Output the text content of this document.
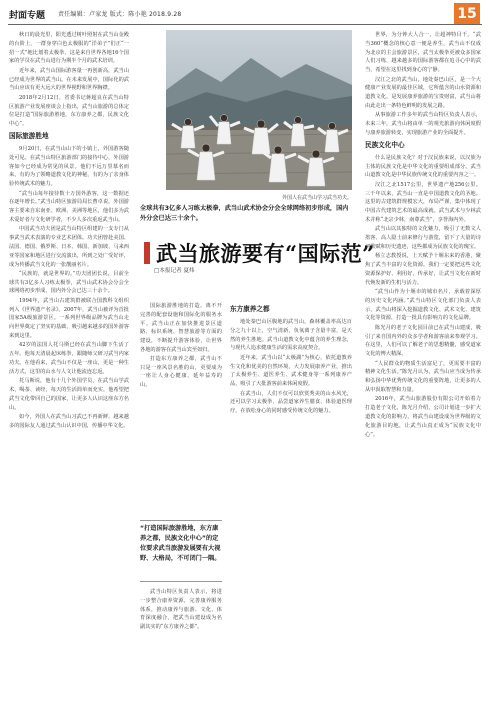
封面专题 责任编辑：卢家龙 版式：陈小艳 2018.9.28	15

秋日的晨光里，阳光透过树叶照射在武当山金殿的台阶上，一群身穿白色太极服的“洋弟子”们正“一招一式”地比划着太极拳，这是来自世界各地16个国家的学员在武当山进行为期半个月的武术培训。

近年来，武当山国际游客量一再创新高，武当山已经成为世界的武当山。在未来发展中，国际化的武当山应该有更大远大的世界视野和世界胸襟。

2018年2月12日，省委书记蒋超良在武当山特区旅游产业发展座谈会上指出，武当山旅游的总体定位是打造“国际旅游胜地，东方康养之都，民族文化中心”。

国际旅游胜地

9月20日，在武当山山下的小镇上，外国游客随处可见。在武当山特区旅游部门的接待中心，外国游客如今已经成为常见的风景。他们不远万里慕名而来，有的为了领略道教文化的神秘，有的为了亲身体验传统武术的魅力。

“武当山每年接待数十万国外游客，这一数据还在逐年增长。”武当山特区旅游局局长曹卓说，外国游客主要来自东南亚、欧洲、美洲等地区，他们多为武术爱好者与文化研学者，不少人多次重返武当山。

中国武当功夫团是武当山特区组建的一支专门从事武当武术表演的专业艺术团体。功夫团曾赴美国、法国、德国、俄罗斯、日本、韩国、新加坡、马来西亚等国家和地区进行交流演出，所到之处广受好评，成为传播武当文化的一张靓丽名片。

“民族的，就是世界的。”功夫团团长说，目前全球共有3亿多人习练太极拳，武当山武术协会分会全球网络初步形成，国内外分会已达三十余个。

1994年，武当山古建筑群被联合国教科文组织列入《世界遗产名录》。2007年，武当山被评为首批国家5A级旅游景区。一系列世界级品牌为武当山走向世界奠定了坚实的基础，吸引越来越多的国外游客来到这里。

42岁的法国人托马斯已经在武当山脚下生活了五年。他每天清晨起床练拳，跟随师父研习武当内家功夫。在他看来，武当山不仅是一座山，更是一种生活方式，这里的山水与人文让他流连忘返。

托马斯说，他有十几个外国学员，在武当山学武术、喝茶、读经，每天的生活简单而充实。他希望把武当文化带回自己的国家，让更多人认识这座东方名山。

如今，外国人在武当山习武已不再新鲜，越来越多的国际友人通过武当山认识中国，传播中华文化。

外国人在武当山学习武当功夫。
全球共有3亿多人习练太极拳，武当山武术协会分会全球网络初步形成，国内外分会已达三十余个。
武当旅游要有“国际范”
□本报记者 夏炜

国际旅游胜地的打造，离不开完善的配套设施和国际化的服务水平。武当山正在加快推进景区道路、标识系统、智慧旅游等方面的建设，不断提升游客体验，让世界各地的游客在武当山宾至如归。

打造东方康养之都，武当山不只是一座风景名胜的山，更要成为一座让人身心健康、延年益寿的山。

“打造国际旅游胜地，东方康养之都，民族文化中心”的定位要求武当旅游发展要有大视野、大格局，不可闭门一隅。

武当山特区负责人表示，将进一步整合康养资源，完善康养服务体系，推动康养与旅游、文化、体育深度融合，把武当山建设成为名副其实的“东方康养之都”。

东方康养之都

地处秦巴山区腹地的武当山，森林覆盖率高达百分之九十以上，空气清新，负氧离子含量丰富，是天然的养生胜地。武当山道教文化中蕴含的养生理念，与现代人追求健康生活的需求高度契合。

近年来，武当山以“太极湖”为核心，依托道教养生文化和优美的自然环境，大力发展康养产业，推出了太极养生、道医养生、武术健身等一系列康养产品，吸引了大批游客前来休闲度假。

在武当山，人们不仅可以欣赏秀美的山水风光，还可以学习太极拳、品尝道家养生膳食、体验道医理疗，在放松身心的同时感受传统文化的魅力。

世界，为分钟大人合一，让超神特目千。“武当360”概念的核心意一便是养生，武当山不仅成为北京的主会旅游景区，武当太极拳更被众多国家人们习练，越来越多的国际游客都在追寻心中的武当，希望在这里找到身心的宁静。

汉江之北的武当山，地处秦巴山区，是一个大健康产业发展的最佳区域，它所蕴含的山水资源和道教文化，是发展康养旅游的宝贵财富，武当山将由此走出一条特色鲜明的发展之路。

从事旅游工作多年的武当山特区负责人表示，未来三年，武当山将由单一的观光旅游向休闲度假与康养旅游转变，实现旅游产业的全面提升。

民族文化中心

什么是民族文化？对于汉民族来说，以汉族为主体的民族文化是中华文化的重要组成部分。武当山道教文化是中华民族传统文化的重要内容之一。

汉江之北1517公里，世界遗产地256公里。三千年以来，武当山一直是中国道教文化的圣地。这里的古建筑群规模宏大，布局严谨，集中体现了中国古代建筑艺术的最高成就。武当武术与少林武术并称“北宗少林，南尊武当”，享誉海内外。

武当山以其独特的文化魅力，吸引了无数文人墨客、高人隐士前来修行与游览，留下了大量的诗词歌赋和历史遗迹，这些都成为民族文化的瑰宝。

杨立志教授说，上天赋予十堰东来的香港，聚焦了武当丰富的文化资源。我们一定要把这些文化资源保护好、利用好、传承好，让武当文化在新时代焕发新的生机与活力。

“武当山作为十堰市的城市名片，承载着深厚的历史文化内涵。”武当山特区文化部门负责人表示，武当山将深入挖掘道教文化、武术文化、建筑文化等资源，打造一批具有影响力的文化品牌。

陈光月的老子文化园目前已在武当山建成，吸引了来自国内外的众多学者和游客前来参观学习。在这里，人们可以了解老子的思想精髓，感受道家文化的博大精深。

“人民群众的物质生活富足了，更需要丰富的精神文化生活。”陈光月认为，武当山应当成为传承和弘扬中华优秀传统文化的重要阵地，让更多的人从中汲取智慧和力量。

2016年，武当山旅游股份有限公司开始着力打造老子文化，陈光月介绍，公司计划进一步扩大道教文化的影响力，将武当山建设成为世界级的文化旅游目的地，让武当山真正成为“民族文化中心”。
